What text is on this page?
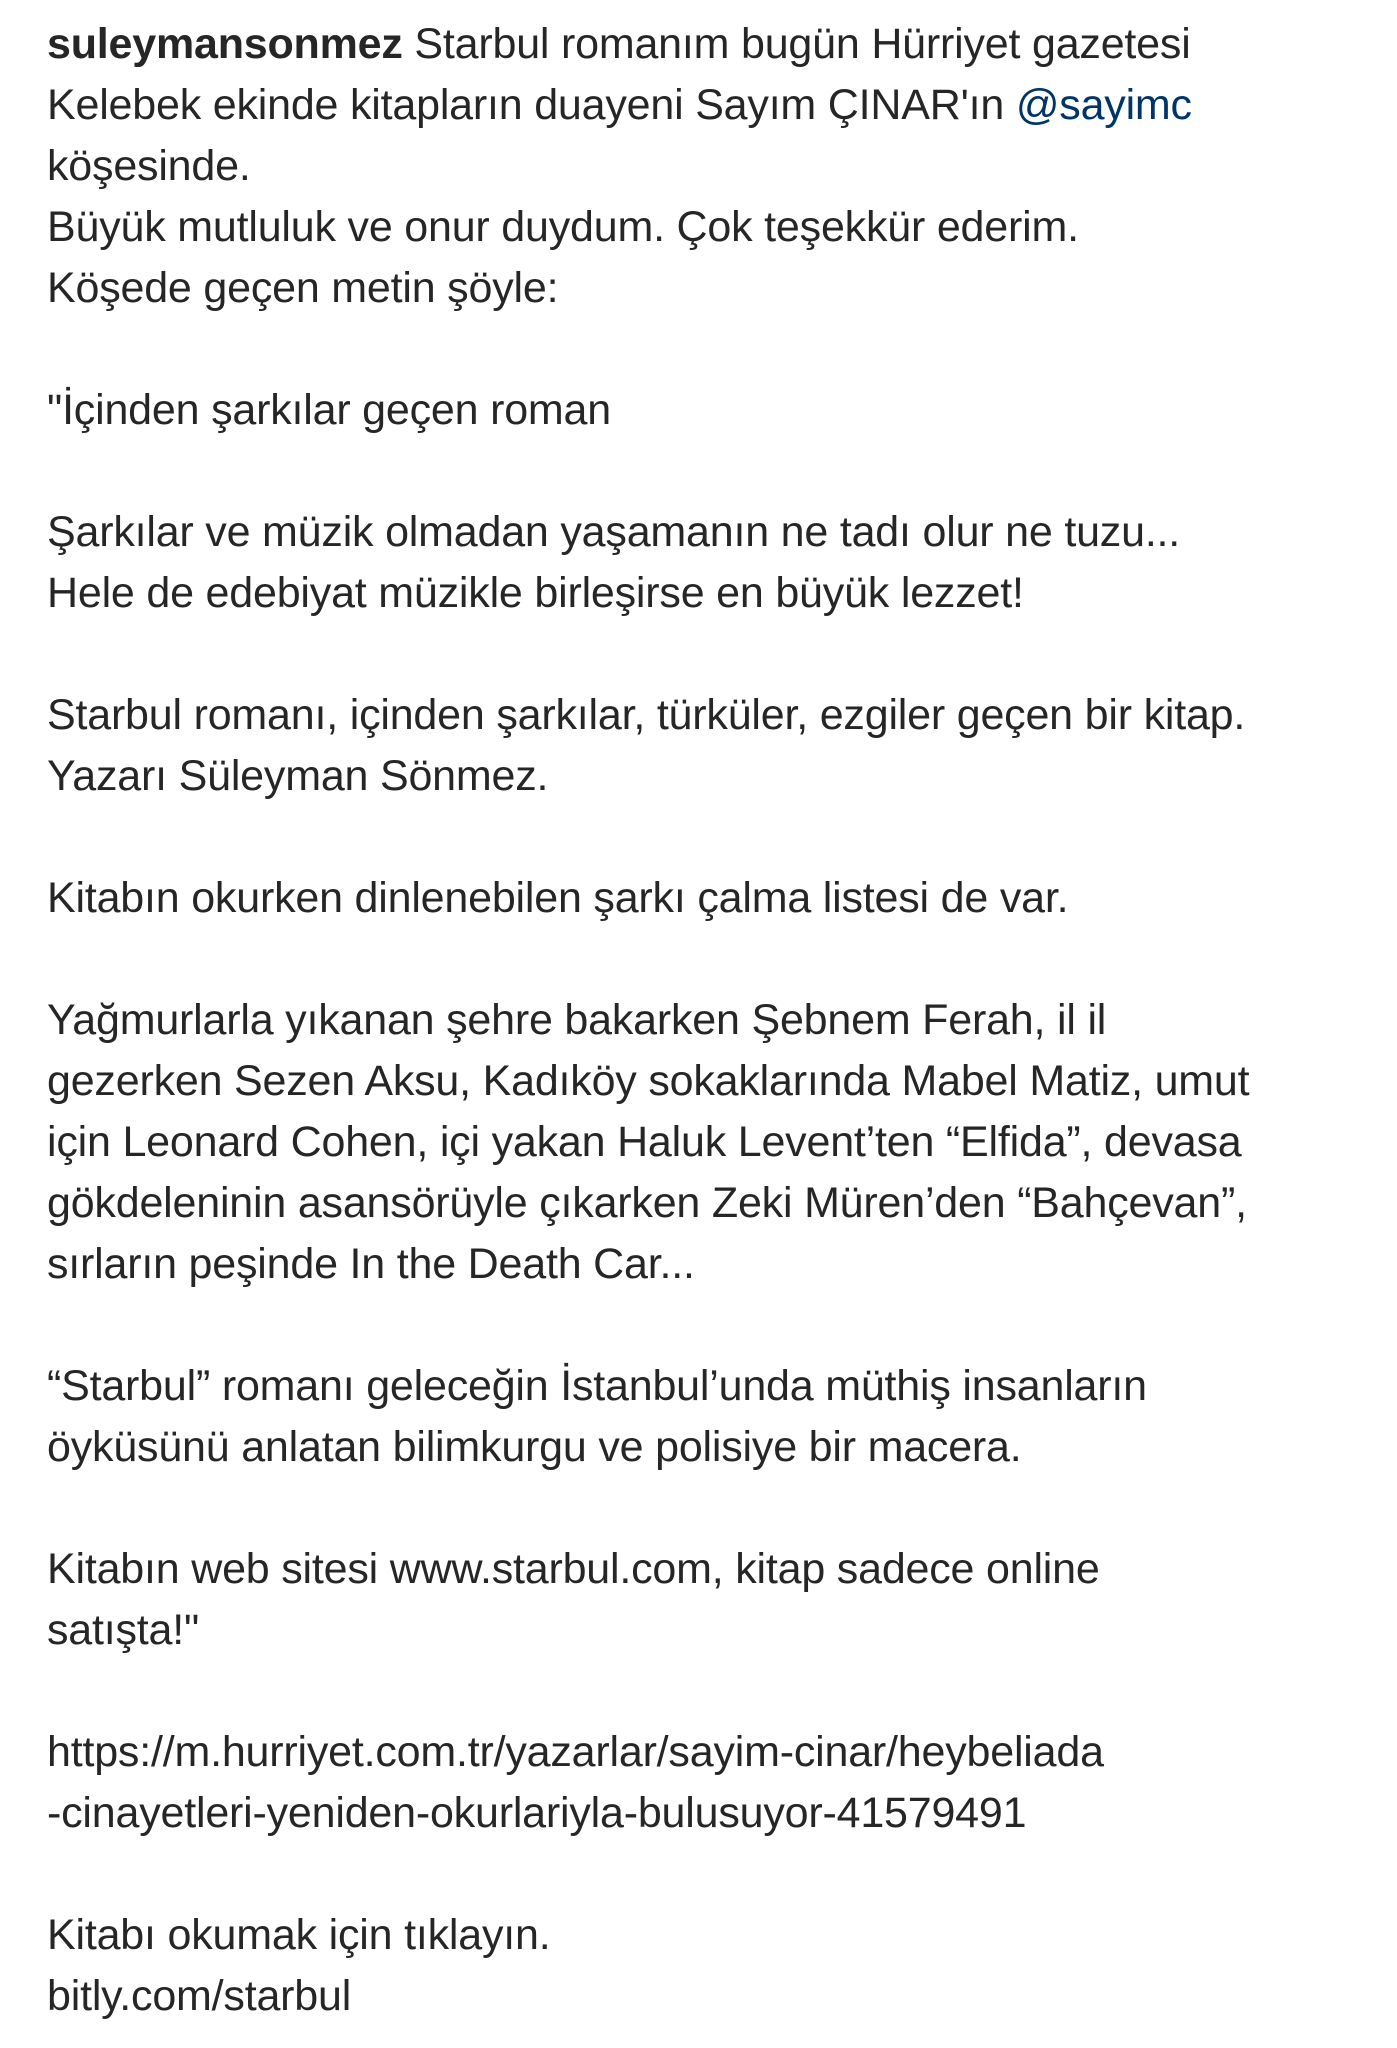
suleymansonmez Starbul romanım bugün Hürriyet gazetesi
Kelebek ekinde kitapların duayeni Sayım ÇINAR'ın @sayimc
köşesinde.
Büyük mutluluk ve onur duydum. Çok teşekkür ederim.
Köşede geçen metin şöyle:
"İçinden şarkılar geçen roman
Şarkılar ve müzik olmadan yaşamanın ne tadı olur ne tuzu...
Hele de edebiyat müzikle birleşirse en büyük lezzet!
Starbul romanı, içinden şarkılar, türküler, ezgiler geçen bir kitap.
Yazarı Süleyman Sönmez.
Kitabın okurken dinlenebilen şarkı çalma listesi de var.
Yağmurlarla yıkanan şehre bakarken Şebnem Ferah, il il
gezerken Sezen Aksu, Kadıköy sokaklarında Mabel Matiz, umut
için Leonard Cohen, içi yakan Haluk Levent’ten “Elfida”, devasa
gökdeleninin asansörüyle çıkarken Zeki Müren’den “Bahçevan”,
sırların peşinde In the Death Car...
“Starbul” romanı geleceğin İstanbul’unda müthiş insanların
öyküsünü anlatan bilimkurgu ve polisiye bir macera.
Kitabın web sitesi www.starbul.com, kitap sadece online
satışta!"
https://m.hurriyet.com.tr/yazarlar/sayim-cinar/heybeliada
-cinayetleri-yeniden-okurlariyla-bulusuyor-41579491
Kitabı okumak için tıklayın.
bitly.com/starbul
